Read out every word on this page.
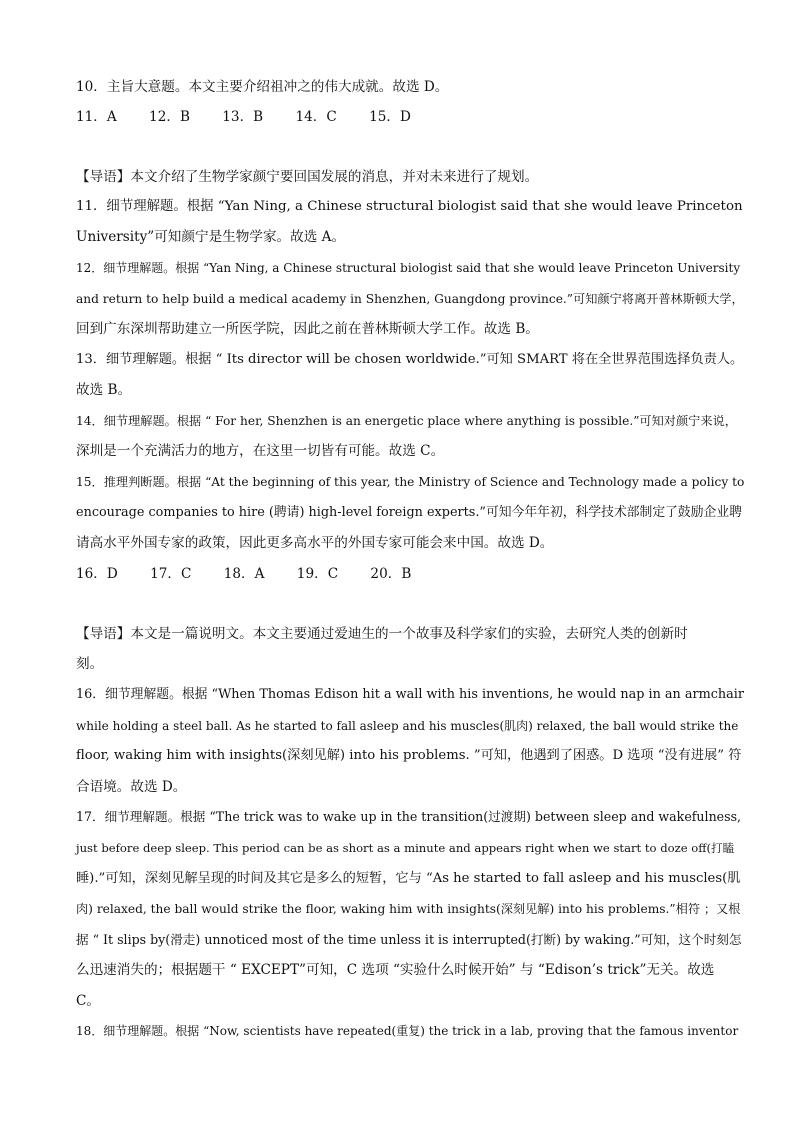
10．主旨大意题。本文主要介绍祖冲之的伟大成就。故选 D。
11．A 12．B 13．B 14．C 15．D
【导语】本文介绍了生物学家颜宁要回国发展的消息，并对未来进行了规划。
11．细节理解题。根据 “Yan Ning, a Chinese structural biologist said that she would leave Princeton
University”可知颜宁是生物学家。故选 A。
12．细节理解题。根据 “Yan Ning, a Chinese structural biologist said that she would leave Princeton University
and return to help build a medical academy in Shenzhen, Guangdong province.”可知颜宁将离开普林斯顿大学，
回到广东深圳帮助建立一所医学院，因此之前在普林斯顿大学工作。故选 B。
13．细节理解题。根据 “ Its director will be chosen worldwide.”可知 SMART 将在全世界范围选择负责人。
故选 B。
14．细节理解题。根据 “ For her, Shenzhen is an energetic place where anything is possible.”可知对颜宁来说，
深圳是一个充满活力的地方，在这里一切皆有可能。故选 C。
15．推理判断题。根据 “At the beginning of this year, the Ministry of Science and Technology made a policy to
encourage companies to hire (聘请) high-level foreign experts.”可知今年年初，科学技术部制定了鼓励企业聘
请高水平外国专家的政策，因此更多高水平的外国专家可能会来中国。故选 D。
16．D 17．C 18．A 19．C 20．B
【导语】本文是一篇说明文。本文主要通过爱迪生的一个故事及科学家们的实验，去研究人类的创新时
刻。
16．细节理解题。根据 “When Thomas Edison hit a wall with his inventions, he would nap in an armchair
while holding a steel ball. As he started to fall asleep and his muscles(肌肉) relaxed, the ball would strike the
floor, waking him with insights(深刻见解) into his problems. ”可知，他遇到了困惑。D 选项 “没有进展” 符
合语境。故选 D。
17．细节理解题。根据 “The trick was to wake up in the transition(过渡期) between sleep and wakefulness,
just before deep sleep. This period can be as short as a minute and appears right when we start to doze off(打瞌
睡).”可知，深刻见解呈现的时间及其它是多么的短暂，它与 “As he started to fall asleep and his muscles(肌
肉) relaxed, the ball would strike the floor, waking him with insights(深刻见解) into his problems.”相符 ；又根
据 “ It slips by(滑走) unnoticed most of the time unless it is interrupted(打断) by waking.”可知，这个时刻怎
么迅速消失的；根据题干 “ EXCEPT”可知，C 选项 “实验什么时候开始” 与 “Edison’s trick”无关。故选
C。
18．细节理解题。根据 “Now, scientists have repeated(重复) the trick in a lab, proving that the famous inventor
